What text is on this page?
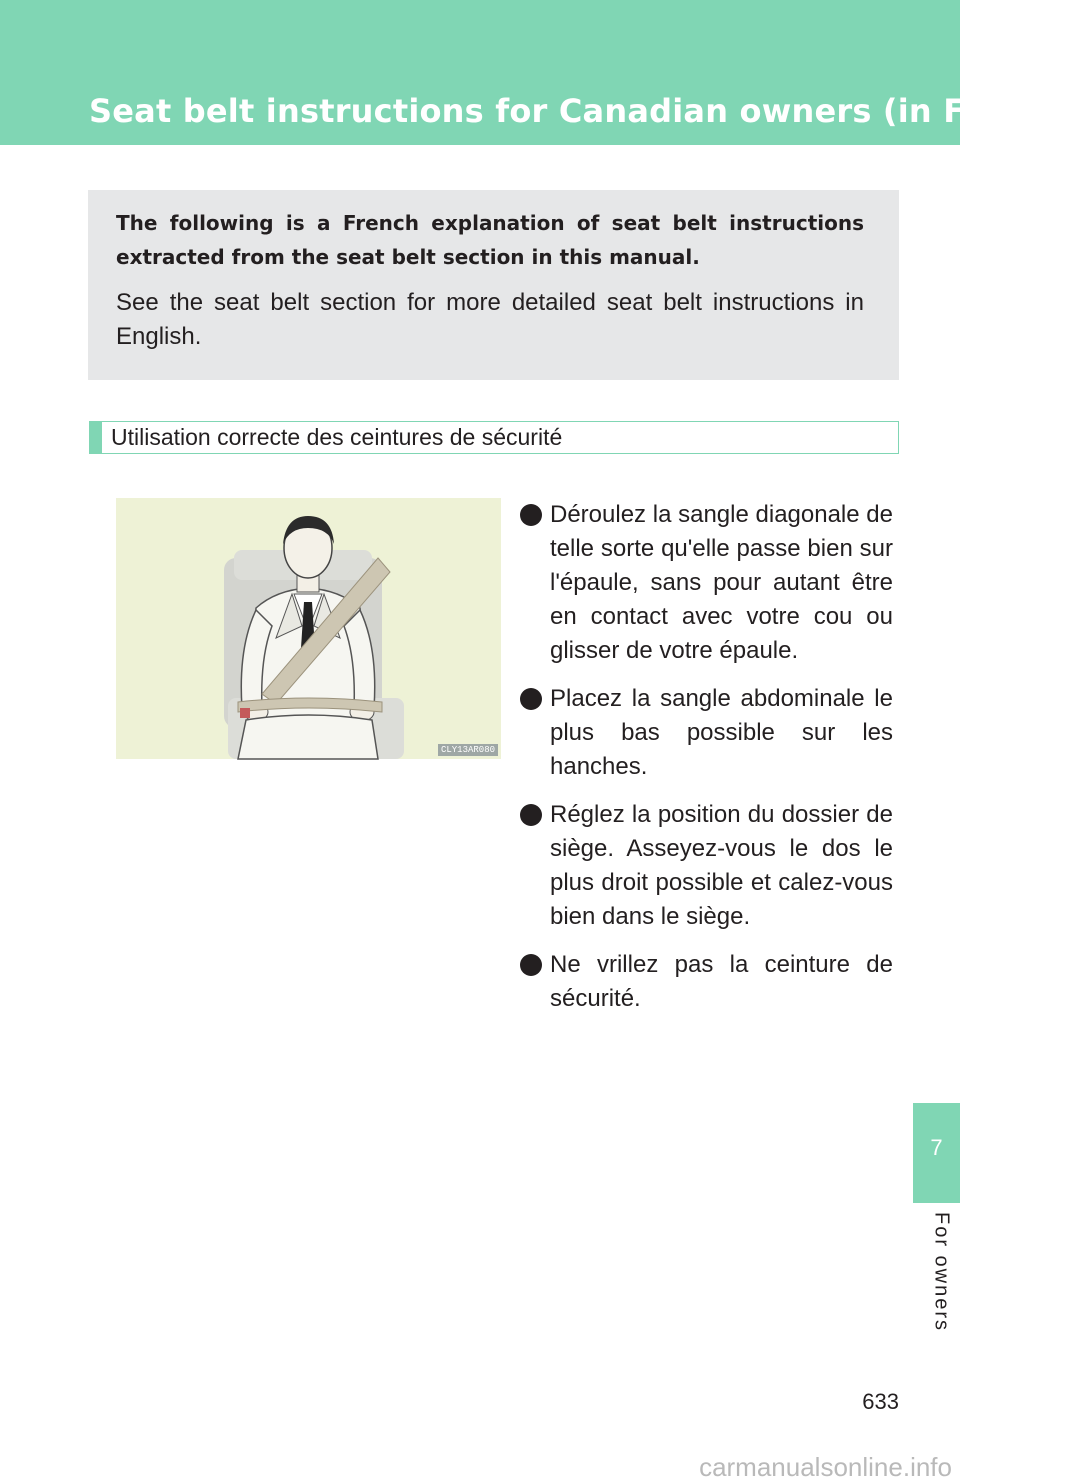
Seat belt instructions for Canadian owners (in French)

The following is a French explanation of seat belt instructions extracted from the seat belt section in this manual.

See the seat belt section for more detailed seat belt instructions in English.

Utilisation correcte des ceintures de sécurité
CLY13AR080
Déroulez la sangle diagonale de telle sorte qu'elle passe bien sur l'épaule, sans pour autant être en contact avec votre cou ou glisser de votre épaule.
Placez la sangle abdominale le plus bas possible sur les hanches.
Réglez la position du dossier de siège. Asseyez-vous le dos le plus droit possible et calez-vous bien dans le siège.
Ne vrillez pas la ceinture de sécurité.
7
For owners
633
carmanualsonline.info
